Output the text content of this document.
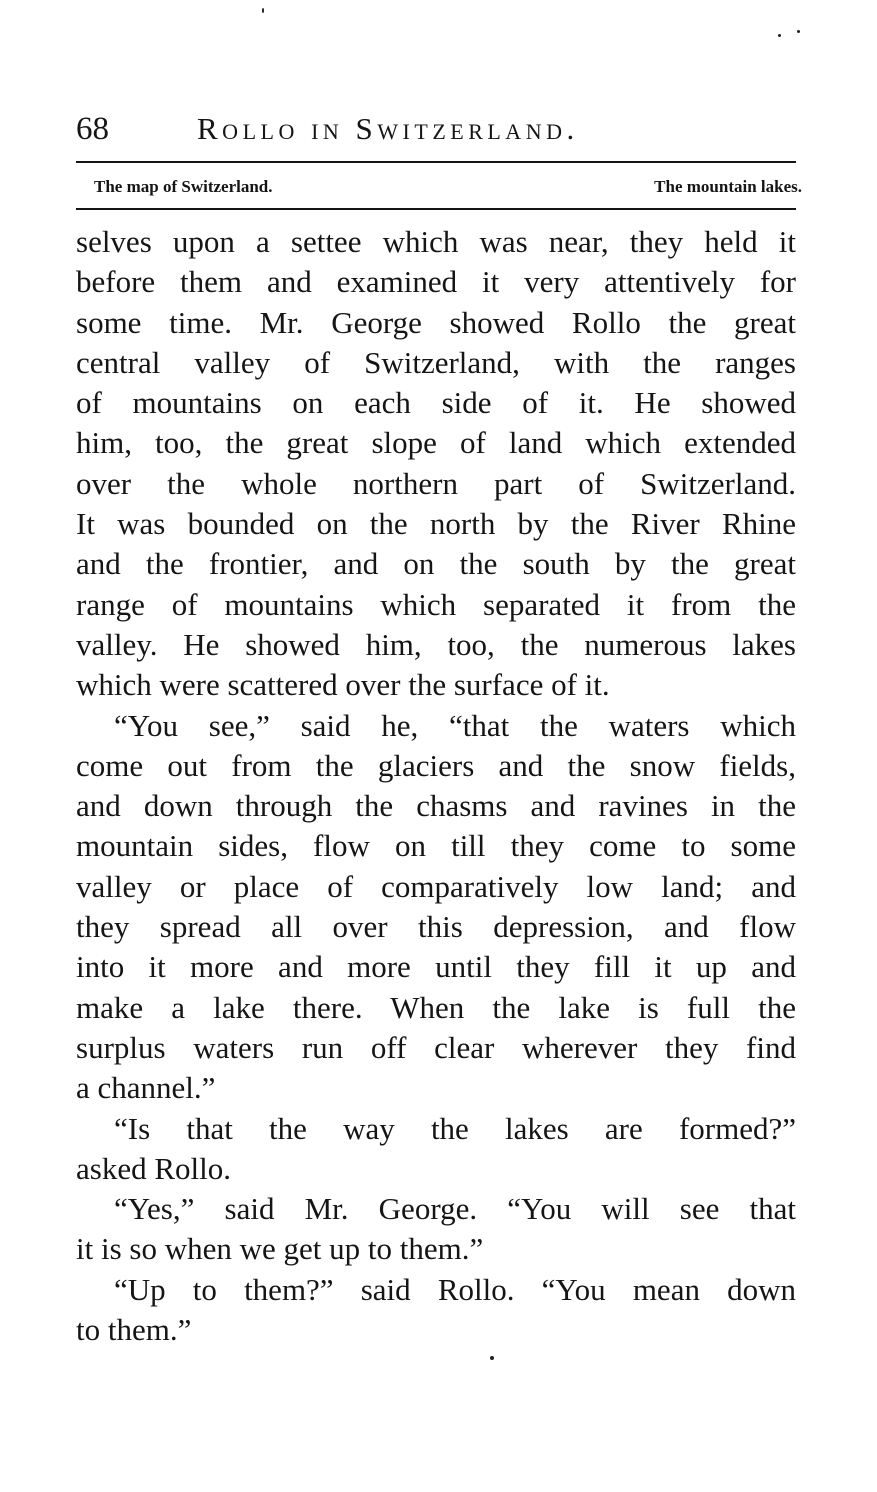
68	Rollo in Switzerland.
The map of Switzerland.	The mountain lakes.
selves upon a settee which was near, they held it
before them and examined it very attentively for
some time. Mr. George showed Rollo the great
central valley of Switzerland, with the ranges
of mountains on each side of it. He showed
him, too, the great slope of land which extended
over the whole northern part of Switzerland.
It was bounded on the north by the River Rhine
and the frontier, and on the south by the great
range of mountains which separated it from the
valley. He showed him, too, the numerous lakes
which were scattered over the surface of it.
“You see,” said he, “that the waters which
come out from the glaciers and the snow fields,
and down through the chasms and ravines in the
mountain sides, flow on till they come to some
valley or place of comparatively low land; and
they spread all over this depression, and flow
into it more and more until they fill it up and
make a lake there. When the lake is full the
surplus waters run off clear wherever they find
a channel.”
“Is that the way the lakes are formed?”
asked Rollo.
“Yes,” said Mr. George. “You will see that
it is so when we get up to them.”
“Up to them?” said Rollo. “You mean down
to them.”
